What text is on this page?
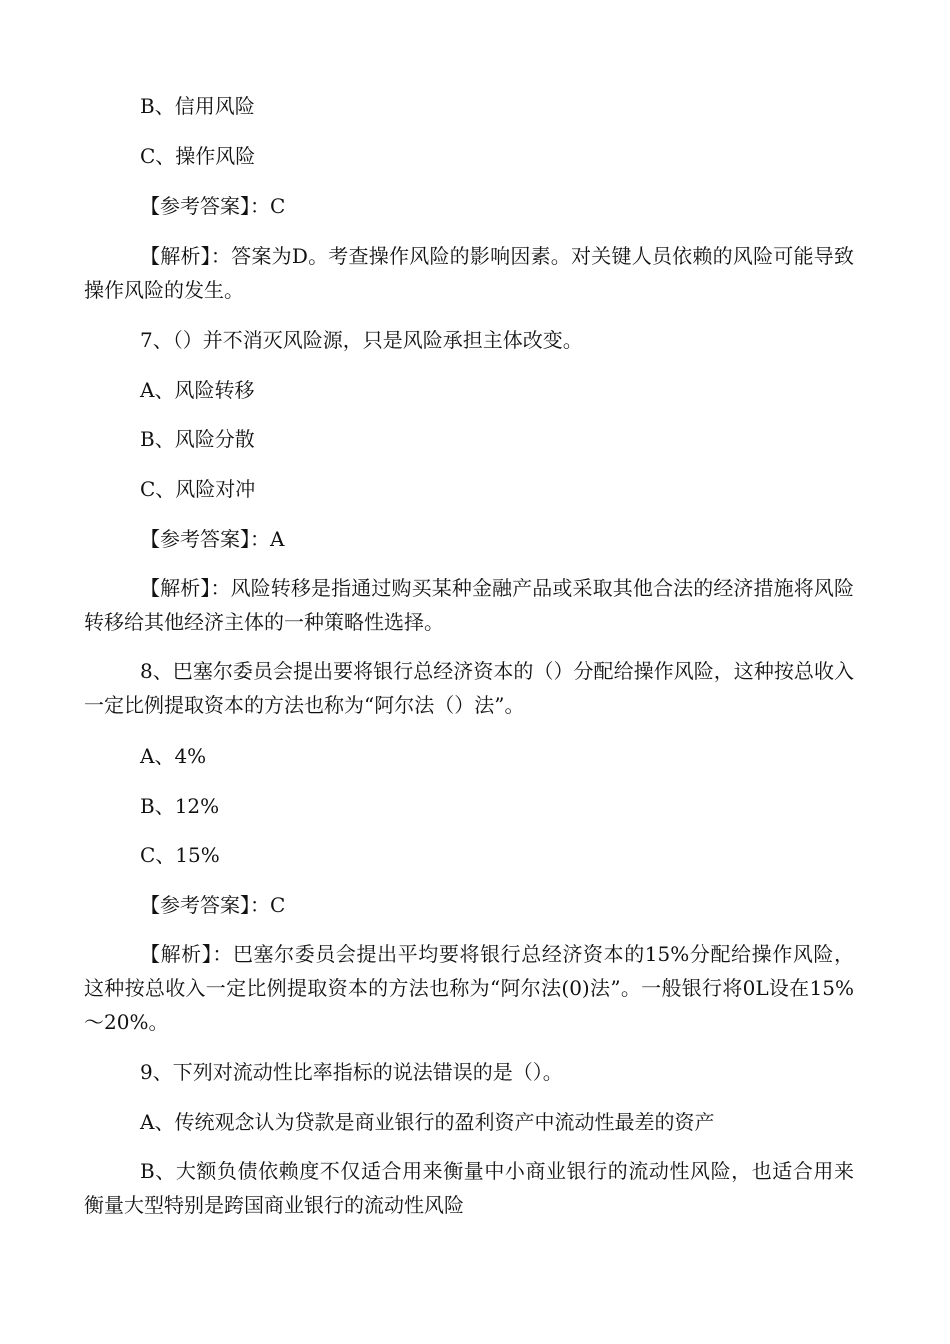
B、信用风险
C、操作风险
【参考答案】：C
【解析】：答案为D。考查操作风险的影响因素。对关键人员依赖的风险可能导致操作风险的发生。
7、（）并不消灭风险源，只是风险承担主体改变。
A、风险转移
B、风险分散
C、风险对冲
【参考答案】：A
【解析】：风险转移是指通过购买某种金融产品或采取其他合法的经济措施将风险转移给其他经济主体的一种策略性选择。
8、巴塞尔委员会提出要将银行总经济资本的（）分配给操作风险，这种按总收入一定比例提取资本的方法也称为“阿尔法（）法”。
A、4%
B、12%
C、15%
【参考答案】：C
【解析】：巴塞尔委员会提出平均要将银行总经济资本的15%分配给操作风险，这种按总收入一定比例提取资本的方法也称为“阿尔法(0)法”。一般银行将0L设在15%～20%。
9、下列对流动性比率指标的说法错误的是（）。
A、传统观念认为贷款是商业银行的盈利资产中流动性最差的资产
B、大额负债依赖度不仅适合用来衡量中小商业银行的流动性风险，也适合用来衡量大型特别是跨国商业银行的流动性风险
